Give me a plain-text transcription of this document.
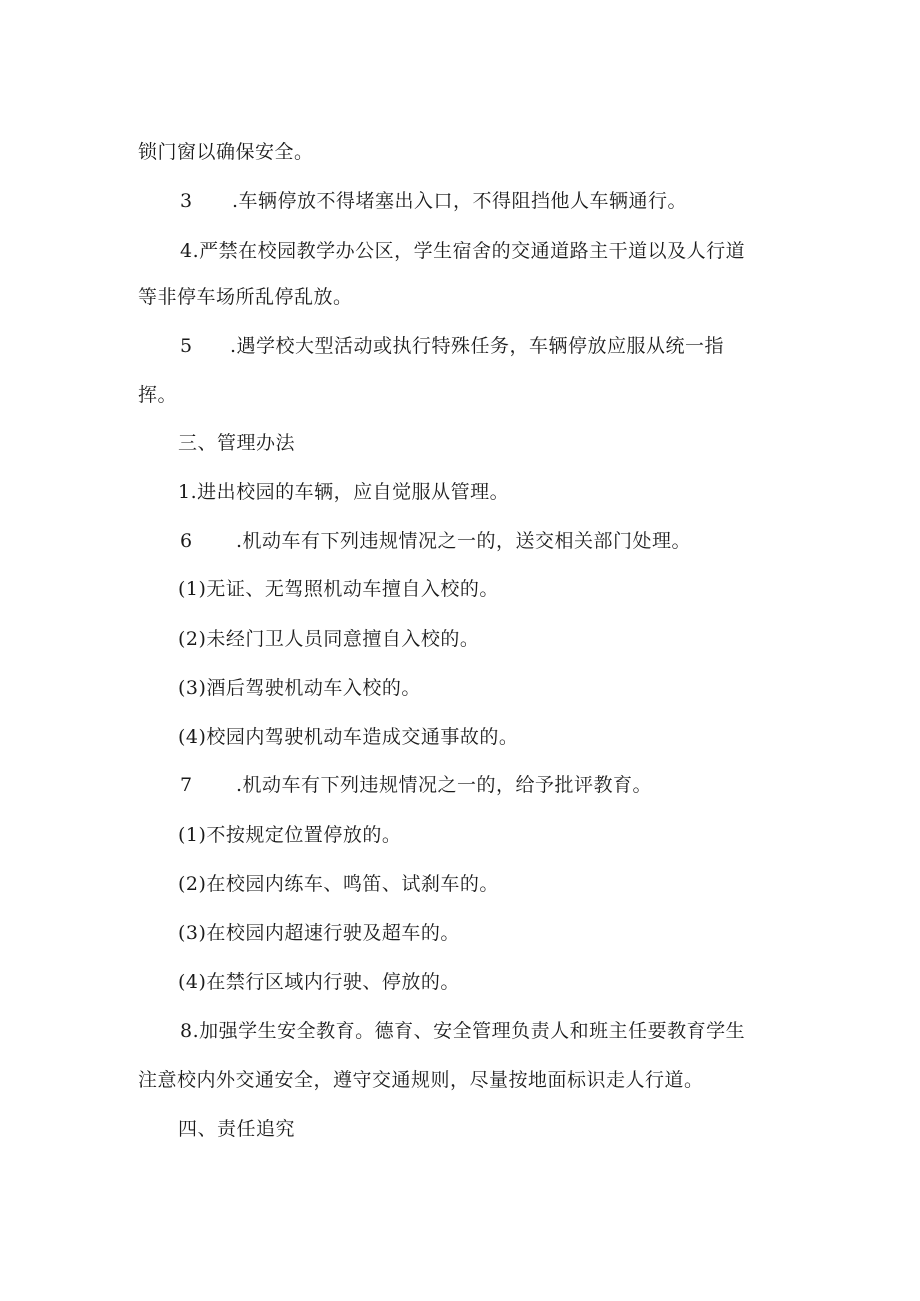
锁门窗以确保安全。
3 .车辆停放不得堵塞出入口，不得阻挡他人车辆通行。
4.严禁在校园教学办公区，学生宿舍的交通道路主干道以及人行道
等非停车场所乱停乱放。
5 .遇学校大型活动或执行特殊任务，车辆停放应服从统一指
挥。
三、管理办法
1.进出校园的车辆，应自觉服从管理。
6 .机动车有下列违规情况之一的，送交相关部门处理。
(1)无证、无驾照机动车擅自入校的。
(2)未经门卫人员同意擅自入校的。
(3)酒后驾驶机动车入校的。
(4)校园内驾驶机动车造成交通事故的。
7 .机动车有下列违规情况之一的，给予批评教育。
(1)不按规定位置停放的。
(2)在校园内练车、鸣笛、试刹车的。
(3)在校园内超速行驶及超车的。
(4)在禁行区域内行驶、停放的。
8.加强学生安全教育。德育、安全管理负责人和班主任要教育学生
注意校内外交通安全，遵守交通规则，尽量按地面标识走人行道。
四、责任追究
